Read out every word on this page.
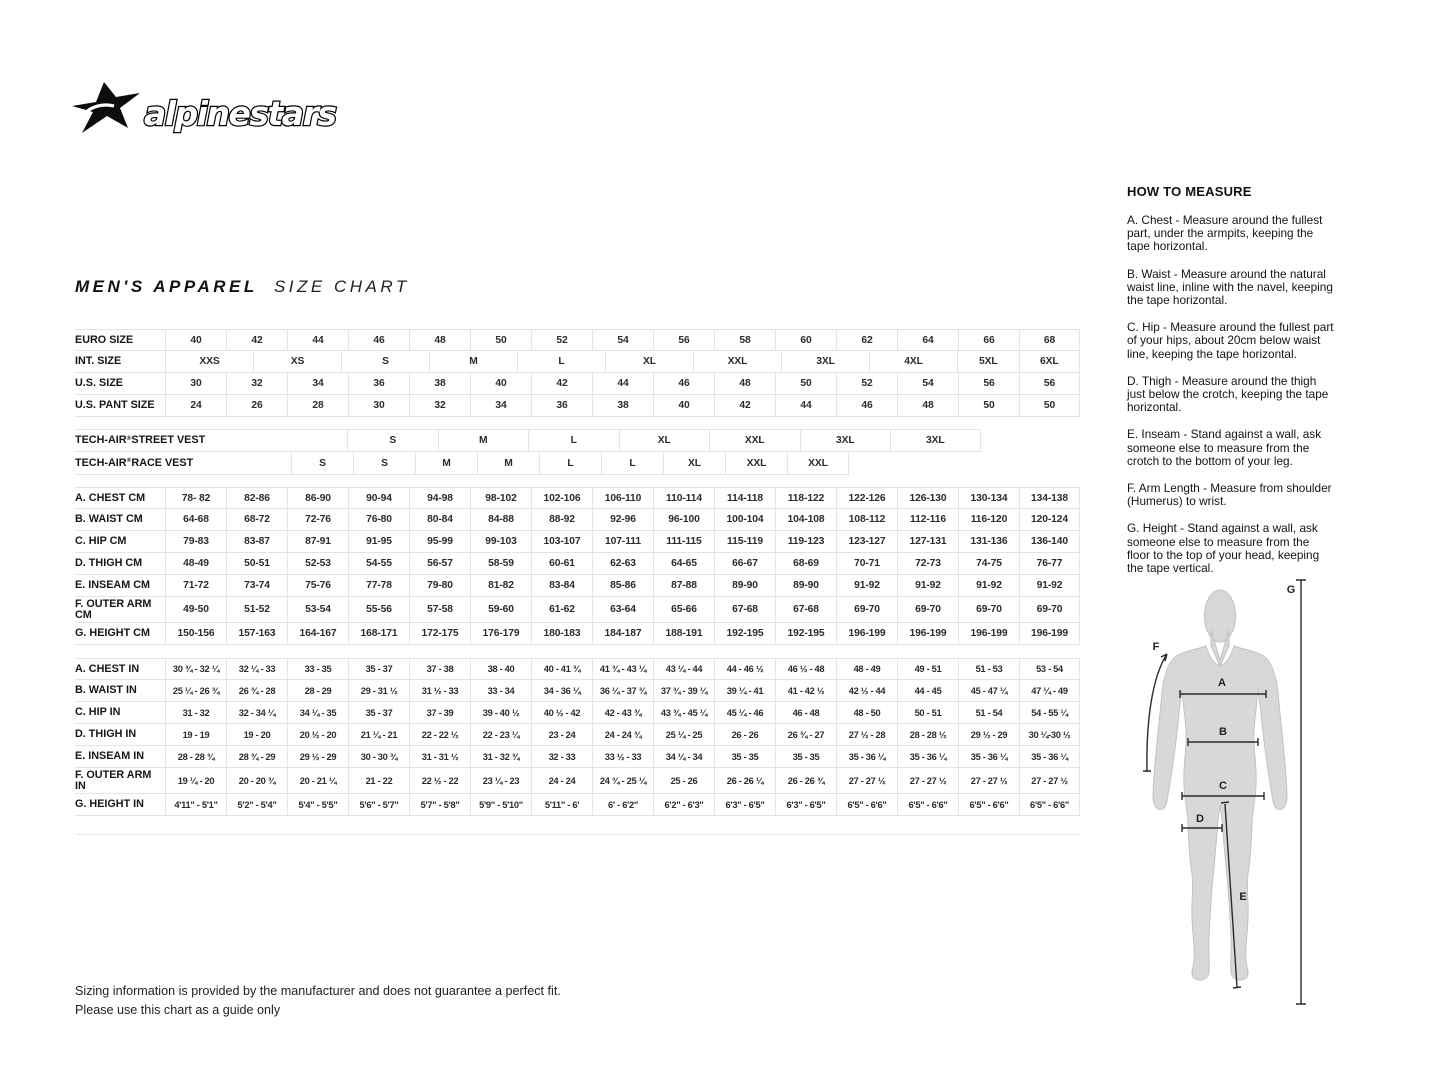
alpinestars
MEN'S APPAREL SIZE CHART
EURO SIZE	40	42	44	46	48	50	52	54	56	58	60	62	64	66	68
INT. SIZE	XXS	XS	S	M	L	XL	XXL	3XL	4XL	5XL	6XL
U.S. SIZE	30	32	34	36	38	40	42	44	46	48	50	52	54	56	56
U.S. PANT SIZE	24	26	28	30	32	34	36	38	40	42	44	46	48	50	50
TECH-AIR ® STREET VEST	S	M	L	XL	XXL	3XL	3XL
TECH-AIR ® RACE VEST	S	S	M	M	L	L	XL	XXL	XXL
A. CHEST CM	78- 82	82-86	86-90	90-94	94-98	98-102	102-106	106-110	110-114	114-118	118-122	122-126	126-130	130-134	134-138
B. WAIST CM	64-68	68-72	72-76	76-80	80-84	84-88	88-92	92-96	96-100	100-104	104-108	108-112	112-116	116-120	120-124
C. HIP CM	79-83	83-87	87-91	91-95	95-99	99-103	103-107	107-111	111-115	115-119	119-123	123-127	127-131	131-136	136-140
D. THIGH CM	48-49	50-51	52-53	54-55	56-57	58-59	60-61	62-63	64-65	66-67	68-69	70-71	72-73	74-75	76-77
E. INSEAM CM	71-72	73-74	75-76	77-78	79-80	81-82	83-84	85-86	87-88	89-90	89-90	91-92	91-92	91-92	91-92
F. OUTER ARM CM	49-50	51-52	53-54	55-56	57-58	59-60	61-62	63-64	65-66	67-68	67-68	69-70	69-70	69-70	69-70
G. HEIGHT CM	150-156	157-163	164-167	168-171	172-175	176-179	180-183	184-187	188-191	192-195	192-195	196-199	196-199	196-199	196-199
A. CHEST IN	30 ¾ - 32 ¼	32 ¼ - 33	33 - 35	35 - 37	37 - 38	38 - 40	40 - 41 ¾	41 ¾ - 43 ¼	43 ¼ - 44	44 - 46 ½	46 ½ - 48	48 - 49	49 - 51	51 - 53	53 - 54
B. WAIST IN	25 ¼ - 26 ¾	26 ¾ - 28	28 - 29	29 - 31 ½	31 ½ - 33	33 - 34	34 - 36 ¼	36 ¼ - 37 ¾	37 ¾ - 39 ¼	39 ¼ - 41	41 - 42 ½	42 ½ - 44	44 - 45	45 - 47 ¼	47 ¼ - 49
C. HIP IN	31 - 32	32 - 34 ¼	34 ¼ - 35	35 - 37	37 - 39	39 - 40 ½	40 ½ - 42	42 - 43 ¾	43 ¾ - 45 ¼	45 ¼ - 46	46 - 48	48 - 50	50 - 51	51 - 54	54 - 55 ¼
D. THIGH IN	19 - 19	19 - 20	20 ½ - 20	21 ¼ - 21	22 - 22 ½	22 - 23 ¼	23 - 24	24 - 24 ¾	25 ¼ - 25	26 - 26	26 ¾ - 27	27 ½ - 28	28 - 28 ½	29 ½ - 29	30 ¼-30 ½
E. INSEAM IN	28 - 28 ¾	28 ¾ - 29	29 ½ - 29	30 - 30 ¾	31 - 31 ½	31 - 32 ¾	32 - 33	33 ½ - 33	34 ¼ - 34	35 - 35	35 - 35	35 - 36 ¼	35 - 36 ¼	35 - 36 ¼	35 - 36 ¼
F. OUTER ARM IN	19 ¼ - 20	20 - 20 ¾	20 - 21 ¼	21 - 22	22 ½ - 22	23 ¼ - 23	24 - 24	24 ¾ - 25 ¼	25 - 26	26 - 26 ¼	26 - 26 ¾	27 - 27 ½	27 - 27 ½	27 - 27 ½	27 - 27 ½
G. HEIGHT IN	4'11" - 5'1"	5'2" - 5'4"	5'4" - 5'5"	5'6" - 5'7"	5'7" - 5'8"	5'9" - 5'10"	5'11" - 6'	6' - 6'2"	6'2" - 6'3"	6'3" - 6'5"	6'3" - 6'5"	6'5" - 6'6"	6'5" - 6'6"	6'5" - 6'6"	6'5" - 6'6"
HOW TO MEASURE

A. Chest - Measure around the fullest part, under the armpits, keeping the tape horizontal.

B. Waist - Measure around the natural waist line, inline with the navel, keeping the tape horizontal.

C. Hip - Measure around the fullest part of your hips, about 20cm below waist line, keeping the tape horizontal.

D. Thigh - Measure around the thigh just below the crotch, keeping the tape horizontal.

E. Inseam - Stand against a wall, ask someone else to measure from the crotch to the bottom of your leg.

F. Arm Length - Measure from shoulder (Humerus) to wrist.

G. Height - Stand against a wall, ask someone else to measure from the floor to the top of your head, keeping the tape vertical.

A
B
C
D
E
F
G
Sizing information is provided by the manufacturer and does not guarantee a perfect fit.
Please use this chart as a guide only
